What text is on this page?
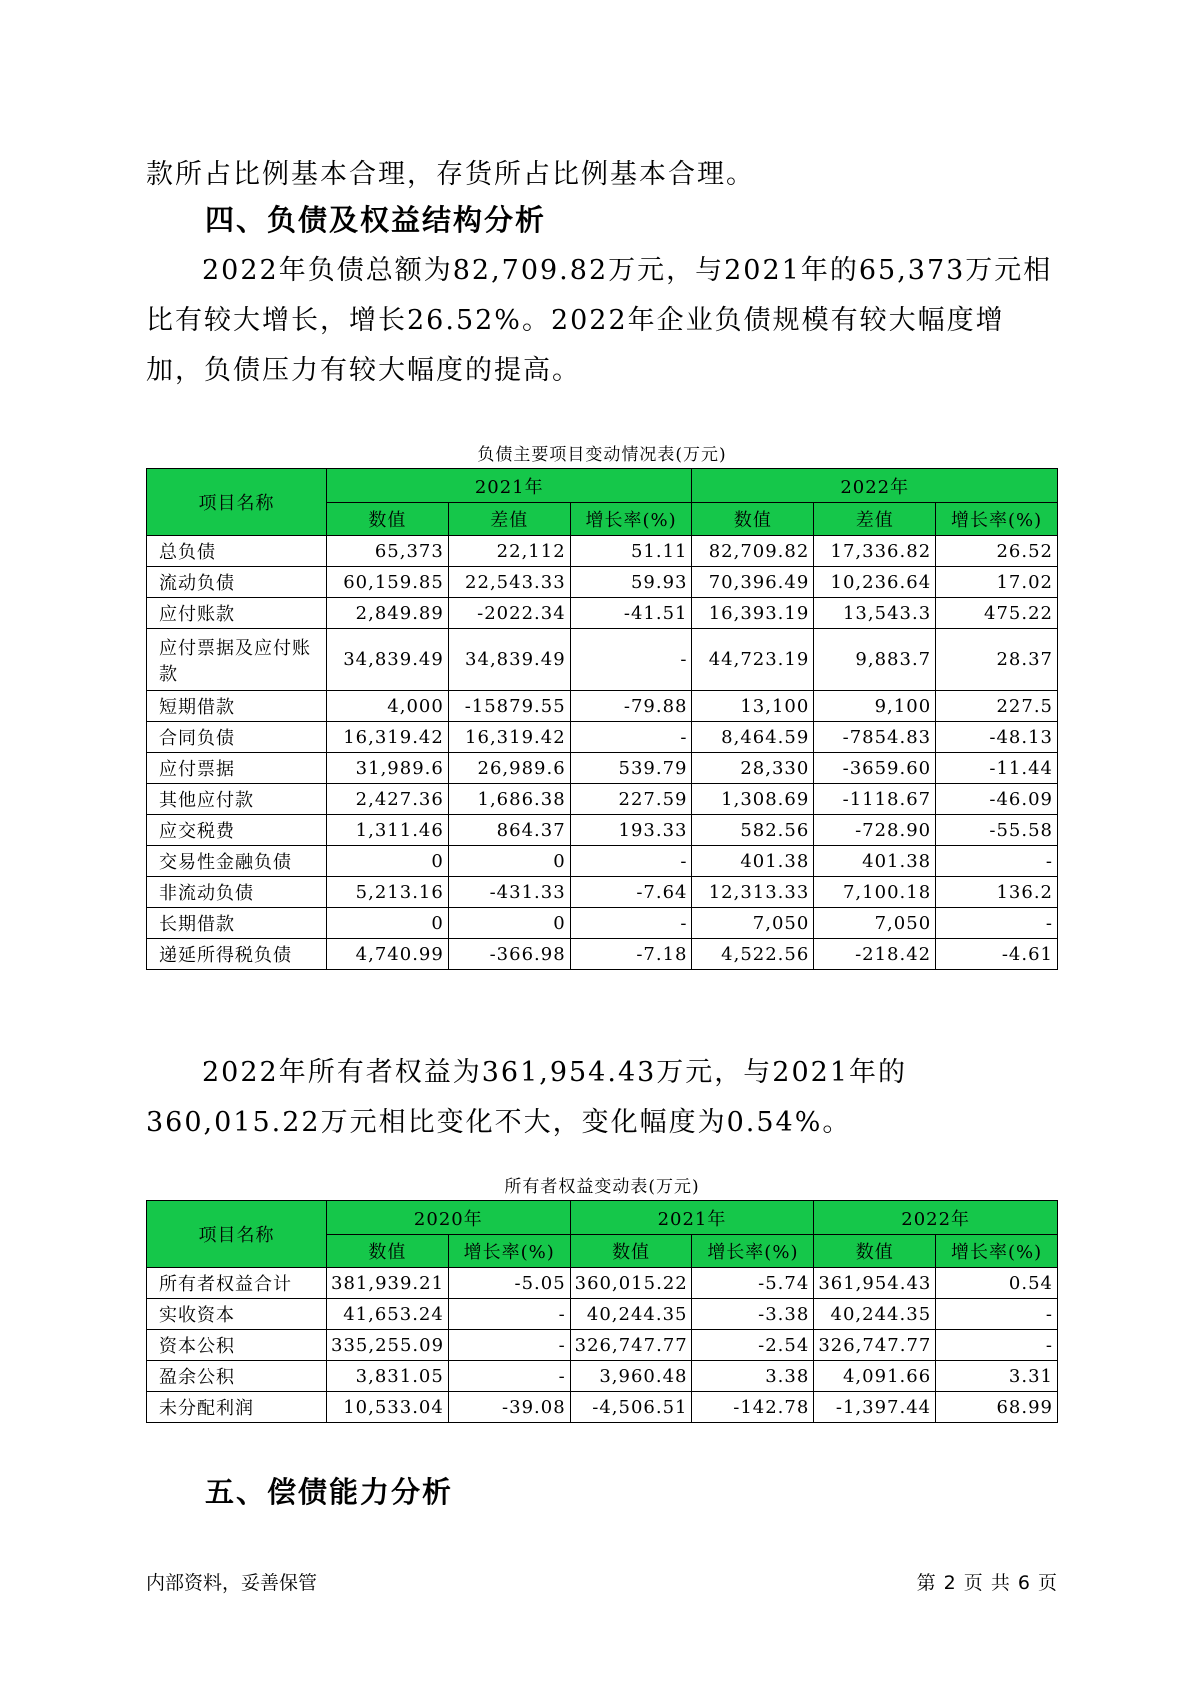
款所占比例基本合理，存货所占比例基本合理。

四、负债及权益结构分析

2022年负债总额为82,709.82万元，与2021年的65,373万元相比有较大增长，增长26.52%。2022年企业负债规模有较大幅度增加，负债压力有较大幅度的提高。

负债主要项目变动情况表(万元)
项目名称	2021年			2022年		
	数值	差值	增长率(%)	数值	差值	增长率(%)
总负债	65,373	22,112	51.11	82,709.82	17,336.82	26.52
流动负债	60,159.85	22,543.33	59.93	70,396.49	10,236.64	17.02
应付账款	2,849.89	-2022.34	-41.51	16,393.19	13,543.3	475.22
应付票据及应付账款	34,839.49	34,839.49	-	44,723.19	9,883.7	28.37
短期借款	4,000	-15879.55	-79.88	13,100	9,100	227.5
合同负债	16,319.42	16,319.42	-	8,464.59	-7854.83	-48.13
应付票据	31,989.6	26,989.6	539.79	28,330	-3659.60	-11.44
其他应付款	2,427.36	1,686.38	227.59	1,308.69	-1118.67	-46.09
应交税费	1,311.46	864.37	193.33	582.56	-728.90	-55.58
交易性金融负债	0	0	-	401.38	401.38	-
非流动负债	5,213.16	-431.33	-7.64	12,313.33	7,100.18	136.2
长期借款	0	0	-	7,050	7,050	-
递延所得税负债	4,740.99	-366.98	-7.18	4,522.56	-218.42	-4.61

2022年所有者权益为361,954.43万元，与2021年的360,015.22万元相比变化不大，变化幅度为0.54%。

所有者权益变动表(万元)
项目名称	2020年		2021年		2022年	
	数值	增长率(%)	数值	增长率(%)	数值	增长率(%)
所有者权益合计	381,939.21	-5.05	360,015.22	-5.74	361,954.43	0.54
实收资本	41,653.24	-	40,244.35	-3.38	40,244.35	-
资本公积	335,255.09	-	326,747.77	-2.54	326,747.77	-
盈余公积	3,831.05	-	3,960.48	3.38	4,091.66	3.31
未分配利润	10,533.04	-39.08	-4,506.51	-142.78	-1,397.44	68.99
五、偿债能力分析
内部资料，妥善保管	第 2 页 共 6 页
